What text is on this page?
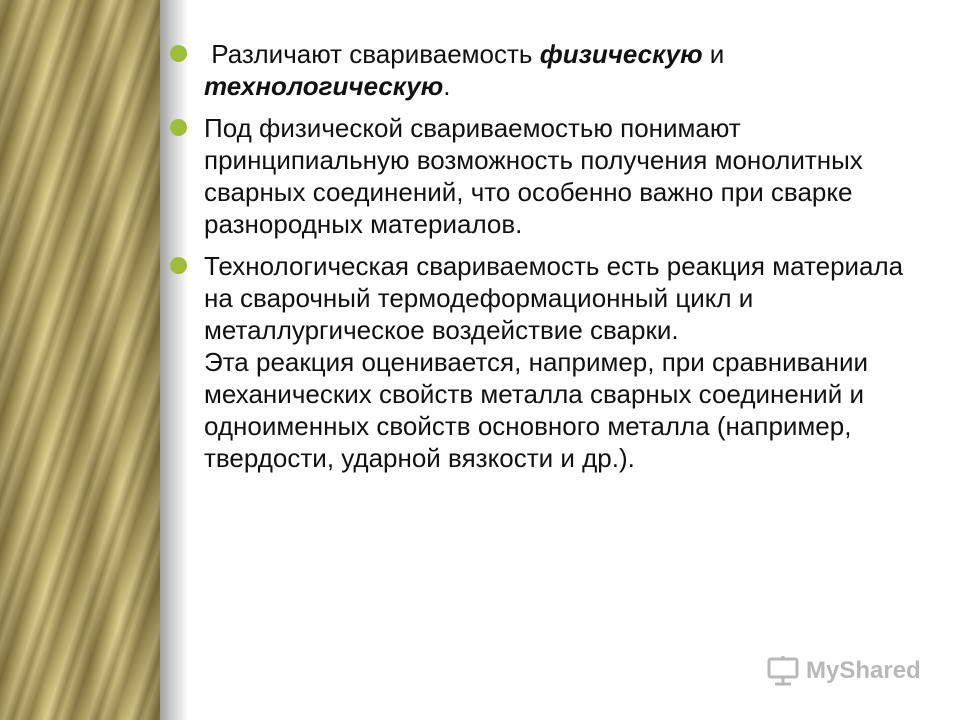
Различают свариваемость физическую и технологическую.
Под физической свариваемостью понимают принципиальную возможность получения монолитных сварных соединений, что особенно важно при сварке разнородных материалов.
Технологическая свариваемость есть реакция материала на сварочный термодеформационный цикл и металлургическое воздействие сварки.
Эта реакция оценивается, например, при сравнивании механических свойств металла сварных соединений и одноименных свойств основного металла (например, твердости, ударной вязкости и др.).
MyShared
